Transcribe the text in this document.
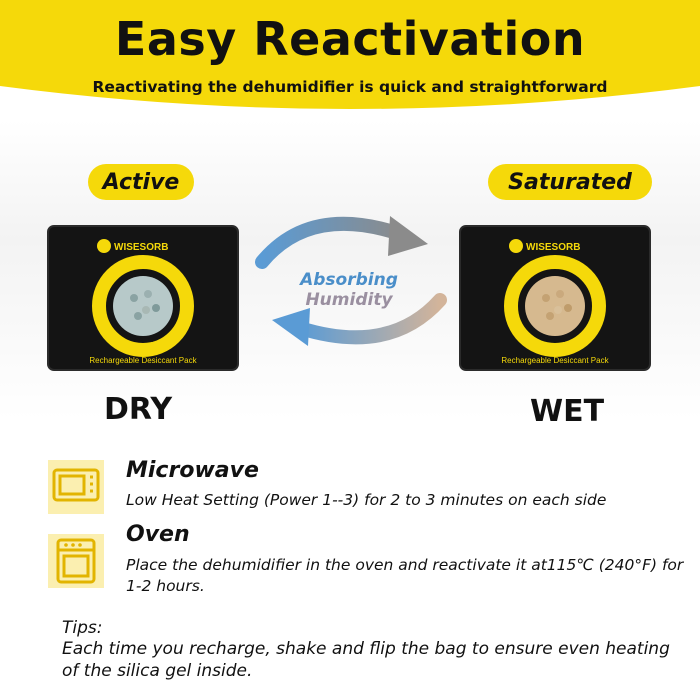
Easy Reactivation
Reactivating the dehumidifier is quick and straightforward
Active	Saturated
WISESORB
Visual
Rechargeable Desiccant Pack
WISESORB
Visual
Rechargeable Desiccant Pack
DRY	WET
Absorbing Humidity
Microwave
Low Heat Setting (Power 1--3) for 2 to 3 minutes on each side
Oven
Place the dehumidifier in the oven and reactivate it at115℃ (240°F) for 1-2 hours.
Tips:
Each time you recharge, shake and flip the bag to ensure even heating of the silica gel inside.
